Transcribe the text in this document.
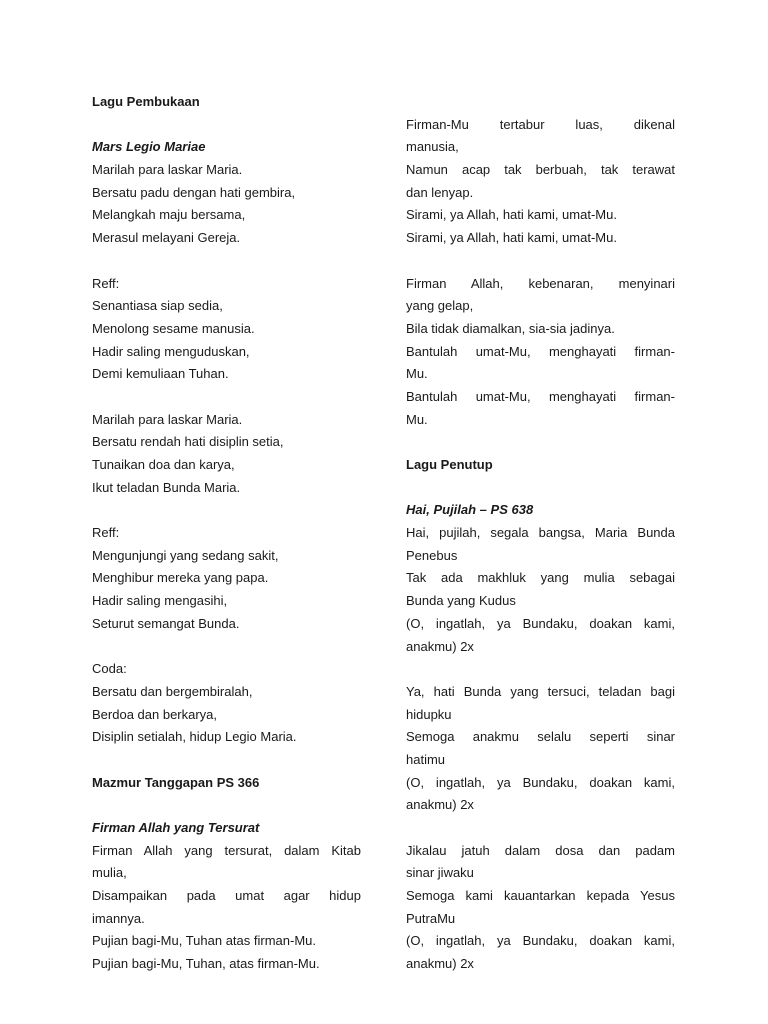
Lagu Pembukaan
Mars Legio Mariae
Marilah para laskar Maria.
Bersatu padu dengan hati gembira,
Melangkah maju bersama,
Merasul melayani Gereja.
Reff:
Senantiasa siap sedia,
Menolong sesame manusia.
Hadir saling menguduskan,
Demi kemuliaan Tuhan.
Marilah para laskar Maria.
Bersatu rendah hati disiplin setia,
Tunaikan doa dan karya,
Ikut teladan Bunda Maria.
Reff:
Mengunjungi yang sedang sakit,
Menghibur mereka yang papa.
Hadir saling mengasihi,
Seturut semangat Bunda.
Coda:
Bersatu dan bergembiralah,
Berdoa dan berkarya,
Disiplin setialah, hidup Legio Maria.
Mazmur Tanggapan PS 366
Firman Allah yang Tersurat
Firman Allah yang tersurat, dalam Kitab
mulia,
Disampaikan pada umat agar hidup
imannya.
Pujian bagi-Mu, Tuhan atas firman-Mu.
Pujian bagi-Mu, Tuhan, atas firman-Mu.
Firman-Mu tertabur luas, dikenal
manusia,
Namun acap tak berbuah, tak terawat
dan lenyap.
Sirami, ya Allah, hati kami, umat-Mu.
Sirami, ya Allah, hati kami, umat-Mu.
Firman Allah, kebenaran, menyinari
yang gelap,
Bila tidak diamalkan, sia-sia jadinya.
Bantulah umat-Mu, menghayati firman-
Mu.
Bantulah umat-Mu, menghayati firman-
Mu.
Lagu Penutup
Hai, Pujilah – PS 638
Hai, pujilah, segala bangsa, Maria Bunda
Penebus
Tak ada makhluk yang mulia sebagai
Bunda yang Kudus
(O, ingatlah, ya Bundaku, doakan kami,
anakmu) 2x
Ya, hati Bunda yang tersuci, teladan bagi
hidupku
Semoga anakmu selalu seperti sinar
hatimu
(O, ingatlah, ya Bundaku, doakan kami,
anakmu) 2x
Jikalau jatuh dalam dosa dan padam
sinar jiwaku
Semoga kami kauantarkan kepada Yesus
PutraMu
(O, ingatlah, ya Bundaku, doakan kami,
anakmu) 2x
